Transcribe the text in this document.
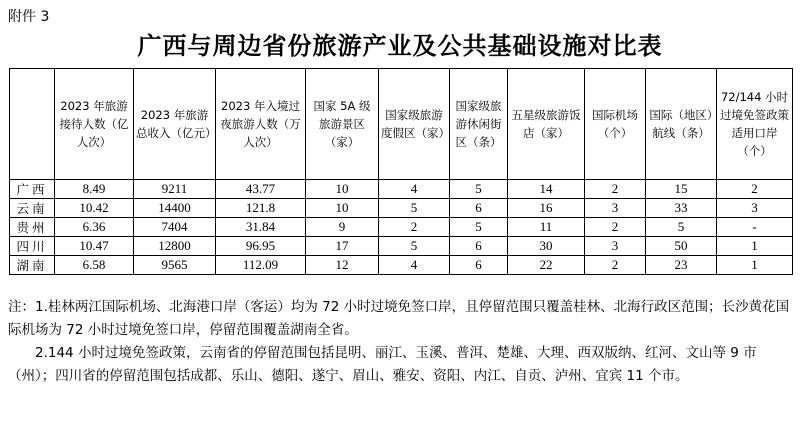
附件 3
广西与周边省份旅游产业及公共基础设施对比表

	2023 年旅游接待人数（亿人次）	2023 年旅游总收入（亿元）	2023 年入境过夜旅游人数（万人次）	国家 5A 级旅游景区（家）	国家级旅游度假区（家）	国家级旅游休闲街区（条）	五星级旅游饭店（家）	国际机场（个）	国际（地区）航线（条）	72/144 小时过境免签政策适用口岸（个）

广西	8.49	9211	43.77	10	4	5	14	2	15	2
云南	10.42	14400	121.8	10	5	6	16	3	33	3
贵州	6.36	7404	31.84	9	2	5	11	2	5	-
四川	10.47	12800	96.95	17	5	6	30	3	50	1
湖南	6.58	9565	112.09	12	4	6	22	2	23	1

注：1.桂林两江国际机场、北海港口岸（客运）均为 72 小时过境免签口岸，且停留范围只覆盖桂林、北海行政区范围；长沙黄花国际机场为 72 小时过境免签口岸，停留范围覆盖湖南全省。

2.144 小时过境免签政策，云南省的停留范围包括昆明、丽江、玉溪、普洱、楚雄、大理、西双版纳、红河、文山等 9 市（州）；四川省的停留范围包括成都、乐山、德阳、遂宁、眉山、雅安、资阳、内江、自贡、泸州、宜宾 11 个市。
